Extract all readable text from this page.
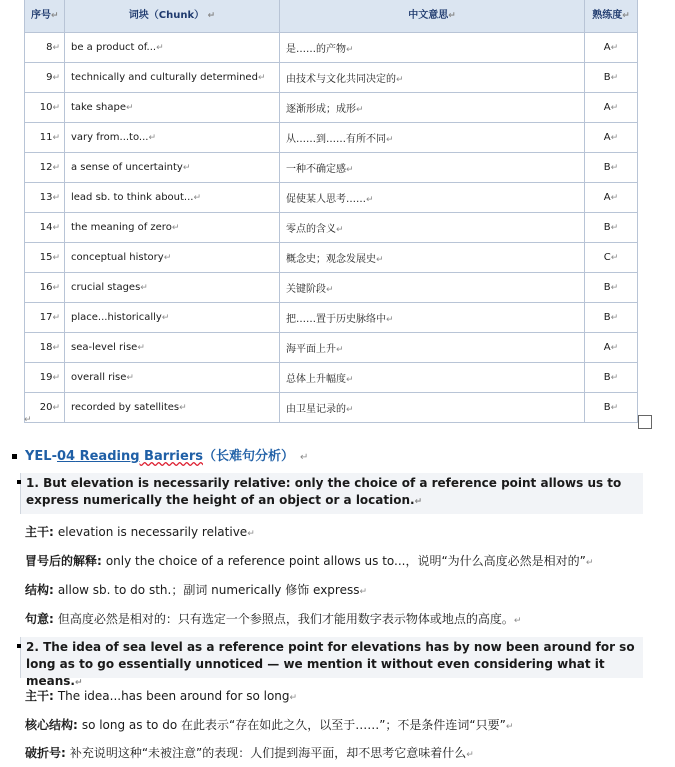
序号↵	词块（Chunk） ↵	中文意思↵	熟练度↵
8↵	be a product of...↵	是……的产物↵	A↵
9↵	technically and culturally determined↵	由技术与文化共同决定的↵	B↵
10↵	take shape↵	逐渐形成；成形↵	A↵
11↵	vary from...to...↵	从……到……有所不同↵	A↵
12↵	a sense of uncertainty↵	一种不确定感↵	B↵
13↵	lead sb. to think about...↵	促使某人思考……↵	A↵
14↵	the meaning of zero↵	零点的含义↵	B↵
15↵	conceptual history↵	概念史；观念发展史↵	C↵
16↵	crucial stages↵	关键阶段↵	B↵
17↵	place...historically↵	把……置于历史脉络中↵	B↵
18↵	sea-level rise↵	海平面上升↵	A↵
19↵	overall rise↵	总体上升幅度↵	B↵
20↵	recorded by satellites↵	由卫星记录的↵	B↵
↵
YEL-04 Reading Barriers（长难句分析） ↵
1. But elevation is necessarily relative: only the choice of a reference point allows us to express numerically the height of an object or a location.↵
主干: elevation is necessarily relative↵
冒号后的解释: only the choice of a reference point allows us to...，说明“为什么高度必然是相对的”↵
结构: allow sb. to do sth.；副词 numerically 修饰 express↵
句意: 但高度必然是相对的：只有选定一个参照点，我们才能用数字表示物体或地点的高度。↵
2. The idea of sea level as a reference point for elevations has by now been around for so long as to go essentially unnoticed — we mention it without even considering what it means.↵
主干: The idea...has been around for so long↵
核心结构: so long as to do 在此表示“存在如此之久，以至于……”；不是条件连词“只要”↵
破折号: 补充说明这种“未被注意”的表现：人们提到海平面，却不思考它意味着什么↵
